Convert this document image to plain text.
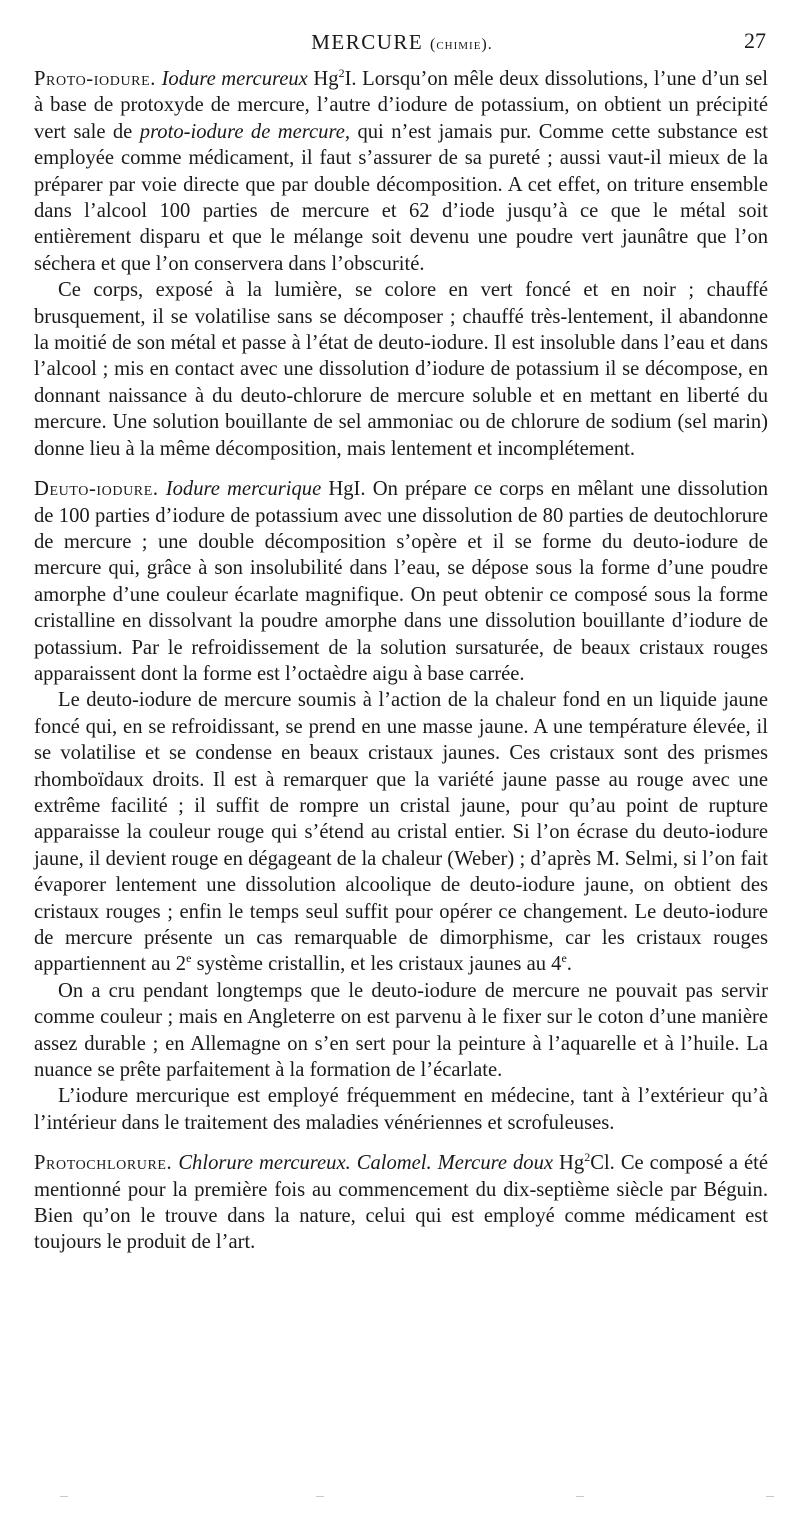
MERCURE (chimie).	27

Proto-iodure. Iodure mercureux Hg$^2$I. Lorsqu’on mêle deux dissolutions, l’une d’un sel à base de protoxyde de mercure, l’autre d’iodure de potassium, on obtient un précipité vert sale de proto-iodure de mercure, qui n’est jamais pur. Comme cette substance est employée comme médicament, il faut s’assurer de sa pureté ; aussi vaut-il mieux de la préparer par voie directe que par double décomposition. A cet effet, on triture ensemble dans l’alcool 100 parties de mercure et 62 d’iode jusqu’à ce que le métal soit entièrement disparu et que le mélange soit devenu une poudre vert jaunâtre que l’on séchera et que l’on conservera dans l’obscurité.

Ce corps, exposé à la lumière, se colore en vert foncé et en noir ; chauffé brusquement, il se volatilise sans se décomposer ; chauffé très-lentement, il abandonne la moitié de son métal et passe à l’état de deuto-iodure. Il est insoluble dans l’eau et dans l’alcool ; mis en contact avec une dissolution d’iodure de potassium il se décompose, en donnant naissance à du deuto-chlorure de mercure soluble et en mettant en liberté du mercure. Une solution bouillante de sel ammoniac ou de chlorure de sodium (sel marin) donne lieu à la même décomposition, mais lentement et incomplétement.

Deuto-iodure. Iodure mercurique HgI. On prépare ce corps en mêlant une dissolution de 100 parties d’iodure de potassium avec une dissolution de 80 parties de deutochlorure de mercure ; une double décomposition s’opère et il se forme du deuto-iodure de mercure qui, grâce à son insolubilité dans l’eau, se dépose sous la forme d’une poudre amorphe d’une couleur écarlate magnifique. On peut obtenir ce composé sous la forme cristalline en dissolvant la poudre amorphe dans une dissolution bouillante d’iodure de potassium. Par le refroidissement de la solution sursaturée, de beaux cristaux rouges apparaissent dont la forme est l’octaèdre aigu à base carrée.

Le deuto-iodure de mercure soumis à l’action de la chaleur fond en un liquide jaune foncé qui, en se refroidissant, se prend en une masse jaune. A une température élevée, il se volatilise et se condense en beaux cristaux jaunes. Ces cristaux sont des prismes rhomboïdaux droits. Il est à remarquer que la variété jaune passe au rouge avec une extrême facilité ; il suffit de rompre un cristal jaune, pour qu’au point de rupture apparaisse la couleur rouge qui s’étend au cristal entier. Si l’on écrase du deuto-iodure jaune, il devient rouge en dégageant de la chaleur (Weber) ; d’après M. Selmi, si l’on fait évaporer lentement une dissolution alcoolique de deuto-iodure jaune, on obtient des cristaux rouges ; enfin le temps seul suffit pour opérer ce changement. Le deuto-iodure de mercure présente un cas remarquable de dimorphisme, car les cristaux rouges appartiennent au 2e système cristallin, et les cristaux jaunes au 4e.

On a cru pendant longtemps que le deuto-iodure de mercure ne pouvait pas servir comme couleur ; mais en Angleterre on est parvenu à le fixer sur le coton d’une manière assez durable ; en Allemagne on s’en sert pour la peinture à l’aquarelle et à l’huile. La nuance se prête parfaitement à la formation de l’écarlate.

L’iodure mercurique est employé fréquemment en médecine, tant à l’extérieur qu’à l’intérieur dans le traitement des maladies vénériennes et scrofuleuses.

Protochlorure. Chlorure mercureux. Calomel. Mercure doux Hg$^2$Cl. Ce composé a été mentionné pour la première fois au commencement du dix-septième siècle par Béguin. Bien qu’on le trouve dans la nature, celui qui est employé comme médicament est toujours le produit de l’art.
